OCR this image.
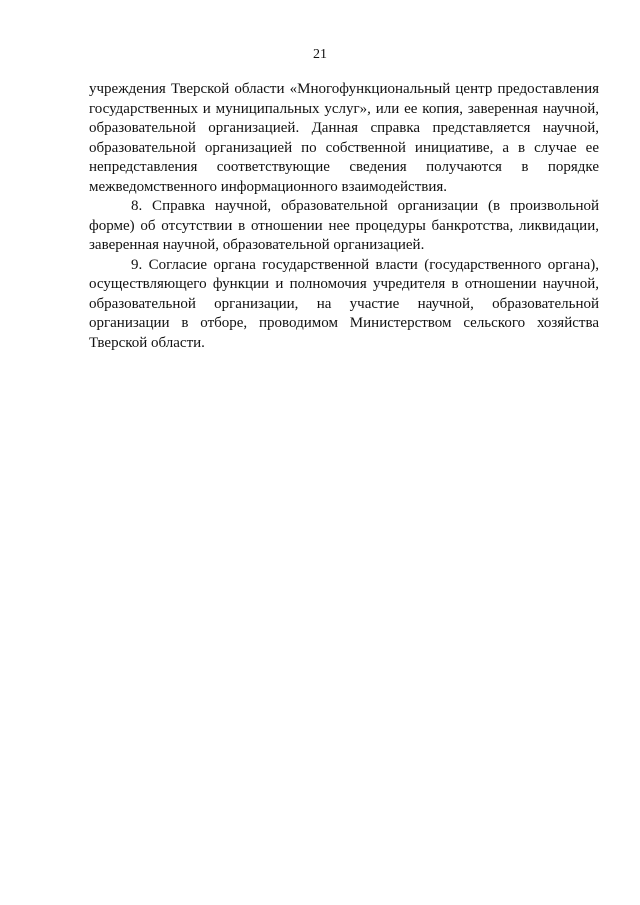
21

учреждения Тверской области «Многофункциональный центр предоставления государственных и муниципальных услуг», или ее копия, заверенная научной, образовательной организацией. Данная справка представляется научной, образовательной организацией по собственной инициативе, а в случае ее непредставления соответствующие сведения получаются в порядке межведомственного информационного взаимодействия.

8. Справка научной, образовательной организации (в произвольной форме) об отсутствии в отношении нее процедуры банкротства, ликвидации, заверенная научной, образовательной организацией.

9. Согласие органа государственной власти (государственного органа), осуществляющего функции и полномочия учредителя в отношении научной, образовательной организации, на участие научной, образовательной организации в отборе, проводимом Министерством сельского хозяйства Тверской области.
